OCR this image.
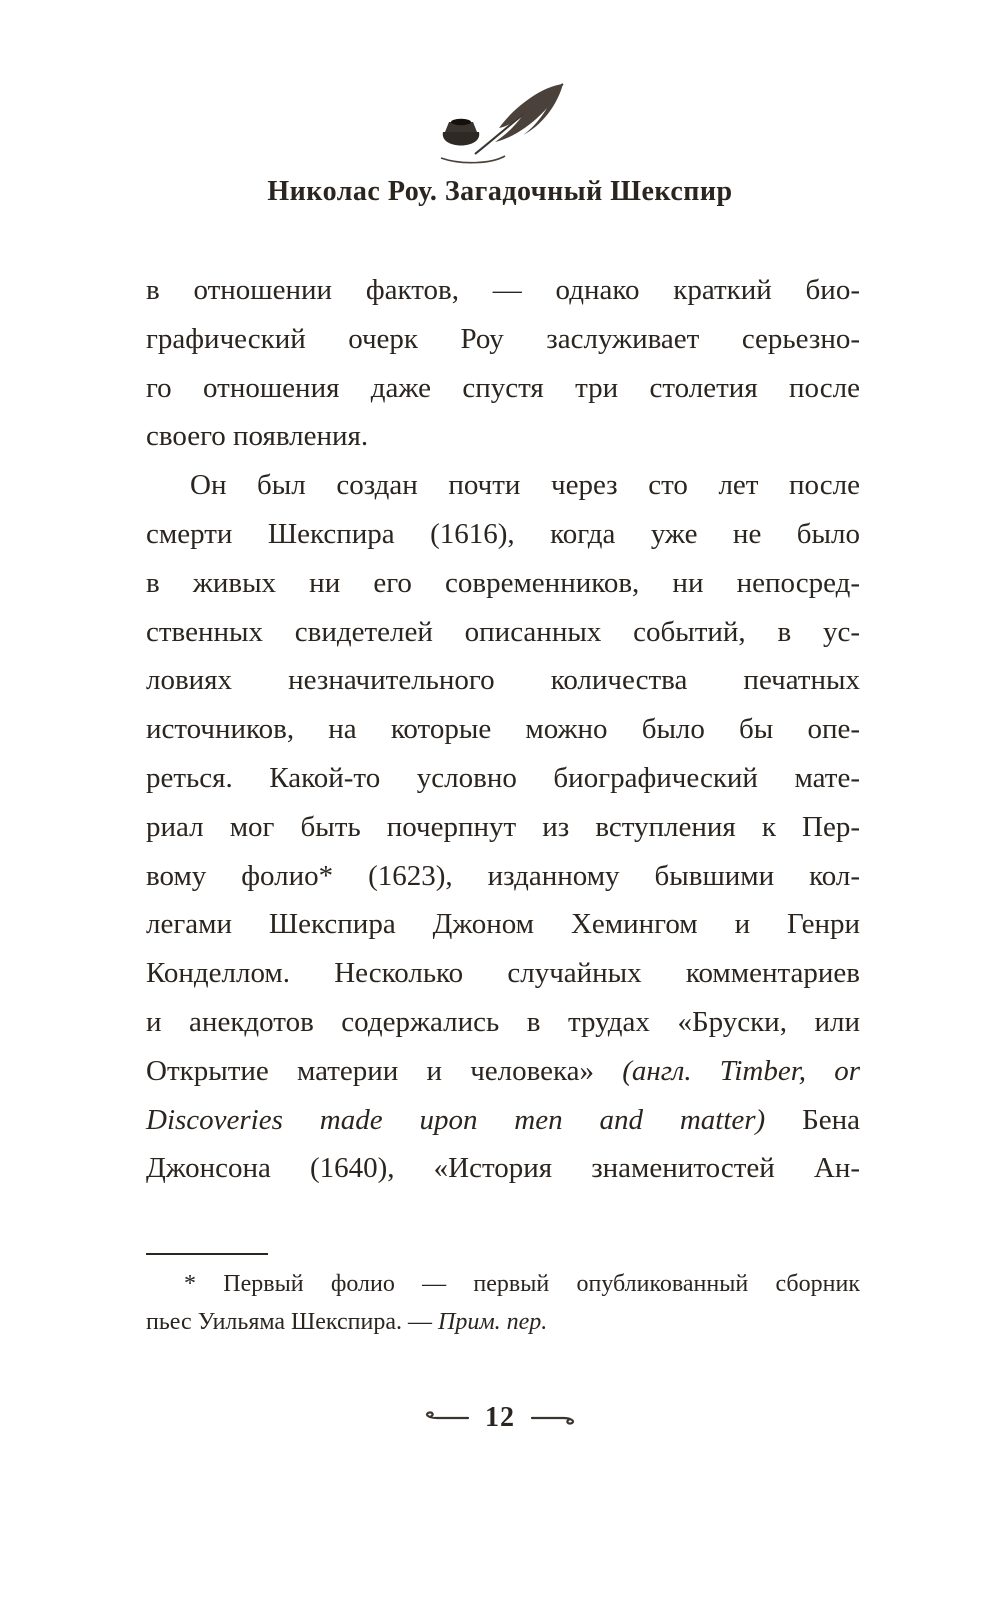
Николас Роу. Загадочный Шекспир
в отношении фактов, — однако краткий био-
графический очерк Роу заслуживает серьезно-
го отношения даже спустя три столетия после
своего появления.
Он был создан почти через сто лет после
смерти Шекспира (1616), когда уже не было
в живых ни его современников, ни непосред-
ственных свидетелей описанных событий, в ус-
ловиях незначительного количества печатных
источников, на которые можно было бы опе-
реться. Какой-то условно биографический мате-
риал мог быть почерпнут из вступления к Пер-
вому фолио* (1623), изданному бывшими кол-
легами Шекспира Джоном Хемингом и Генри
Конделлом. Несколько случайных комментариев
и анекдотов содержались в трудах «Бруски, или
Открытие материи и человека» (англ. Timber, or
Discoveries made upon men and matter) Бена
Джонсона (1640), «История знаменитостей Ан-
* Первый фолио — первый опубликованный сборник
пьес Уильяма Шекспира. — Прим. пер.
12
